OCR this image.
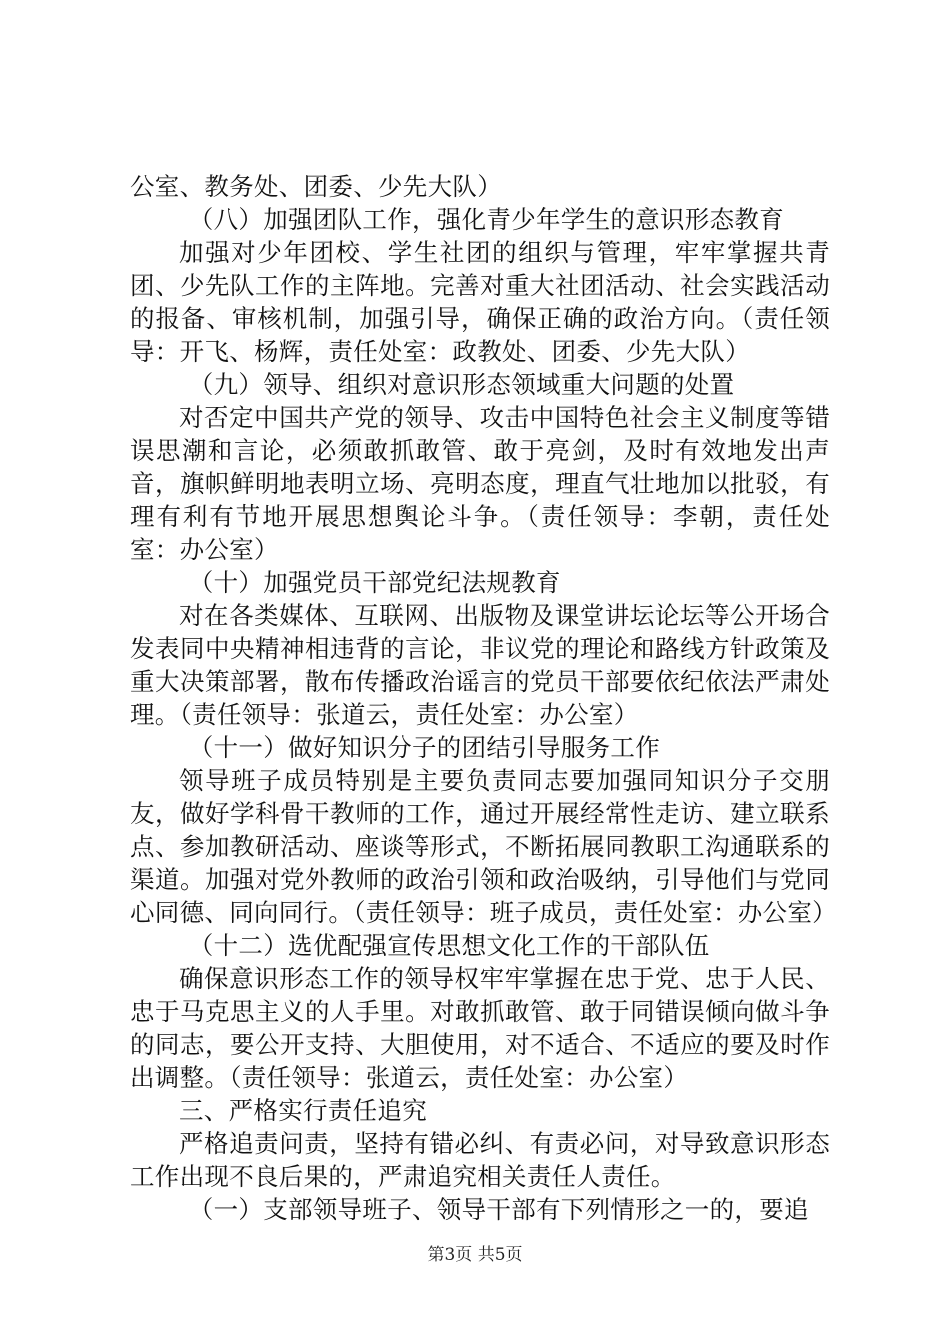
公室、教务处、团委、少先大队）

（八）加强团队工作，强化青少年学生的意识形态教育

加强对少年团校、学生社团的组织与管理，牢牢掌握共青团、少先队工作的主阵地。完善对重大社团活动、社会实践活动的报备、审核机制，加强引导，确保正确的政治方向。（责任领导：开飞、杨辉，责任处室：政教处、团委、少先大队）

（九）领导、组织对意识形态领域重大问题的处置

对否定中国共产党的领导、攻击中国特色社会主义制度等错误思潮和言论，必须敢抓敢管、敢于亮剑，及时有效地发出声音，旗帜鲜明地表明立场、亮明态度，理直气壮地加以批驳，有理有利有节地开展思想舆论斗争。（责任领导：李朝，责任处室：办公室）

（十）加强党员干部党纪法规教育

对在各类媒体、互联网、出版物及课堂讲坛论坛等公开场合发表同中央精神相违背的言论，非议党的理论和路线方针政策及重大决策部署，散布传播政治谣言的党员干部要依纪依法严肃处理。（责任领导：张道云，责任处室：办公室）

（十一）做好知识分子的团结引导服务工作

领导班子成员特别是主要负责同志要加强同知识分子交朋友，做好学科骨干教师的工作，通过开展经常性走访、建立联系点、参加教研活动、座谈等形式，不断拓展同教职工沟通联系的渠道。加强对党外教师的政治引领和政治吸纳，引导他们与党同心同德、同向同行。（责任领导：班子成员，责任处室：办公室）

（十二）选优配强宣传思想文化工作的干部队伍

确保意识形态工作的领导权牢牢掌握在忠于党、忠于人民、忠于马克思主义的人手里。对敢抓敢管、敢于同错误倾向做斗争的同志，要公开支持、大胆使用，对不适合、不适应的要及时作出调整。（责任领导：张道云，责任处室：办公室）

三、严格实行责任追究

严格追责问责，坚持有错必纠、有责必问，对导致意识形态工作出现不良后果的，严肃追究相关责任人责任。

（一）支部领导班子、领导干部有下列情形之一的，要追

第3页 共5页
